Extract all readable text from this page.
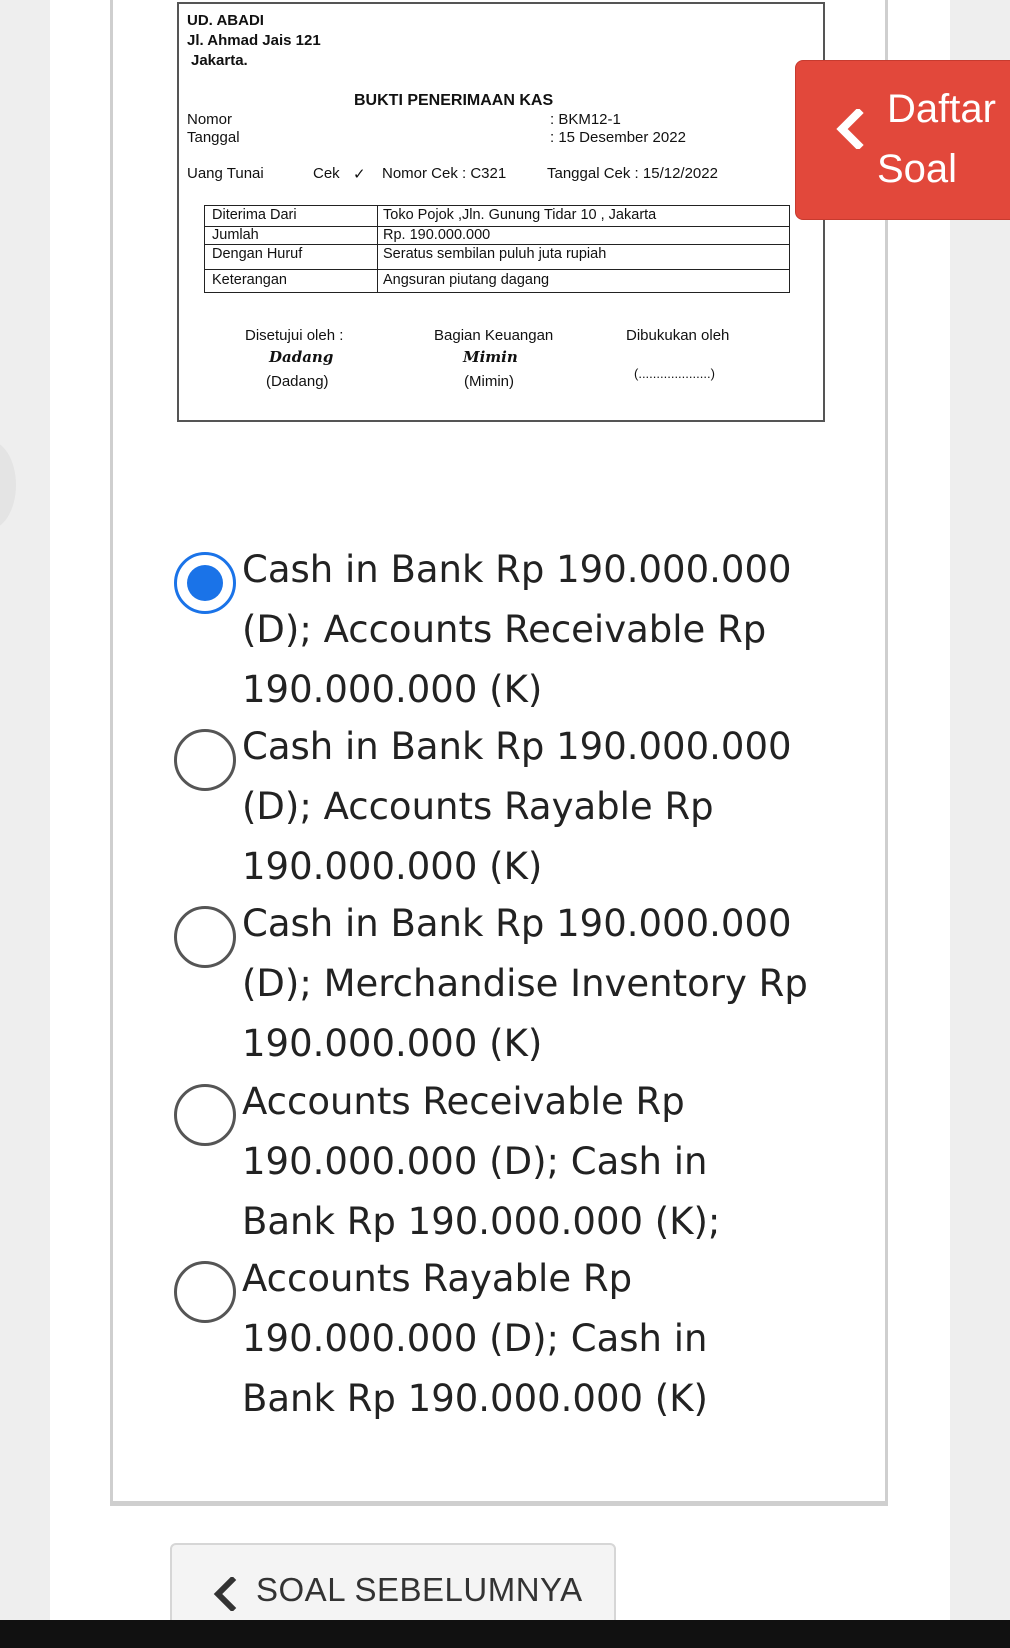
UD. ABADI
Jl. Ahmad Jais 121
Jakarta.
BUKTI PENERIMAAN KAS
Nomor	: BKM12-1
Tanggal	: 15 Desember 2022
Uang Tunai	Cek ✓ Nomor Cek : C321	Tanggal Cek : 15/12/2022
Diterima Dari	Toko Pojok ,Jln. Gunung Tidar 10 , Jakarta
Jumlah	Rp. 190.000.000
Dengan Huruf	Seratus sembilan puluh juta rupiah
Keterangan	Angsuran piutang dagang
Disetujui oleh :
Dadang
(Dadang)
Bagian Keuangan
Mimin
(Mimin)
Dibukukan oleh
(....................)
Daftar
Soal
Cash in Bank Rp 190.000.000 (D); Accounts Receivable Rp 190.000.000 (K)
Cash in Bank Rp 190.000.000 (D); Accounts Rayable Rp 190.000.000 (K)
Cash in Bank Rp 190.000.000 (D); Merchandise Inventory Rp 190.000.000 (K)
Accounts Receivable Rp 190.000.000 (D); Cash in Bank Rp 190.000.000 (K);
Accounts Rayable Rp 190.000.000 (D); Cash in Bank Rp 190.000.000 (K)
SOAL SEBELUMNYA
